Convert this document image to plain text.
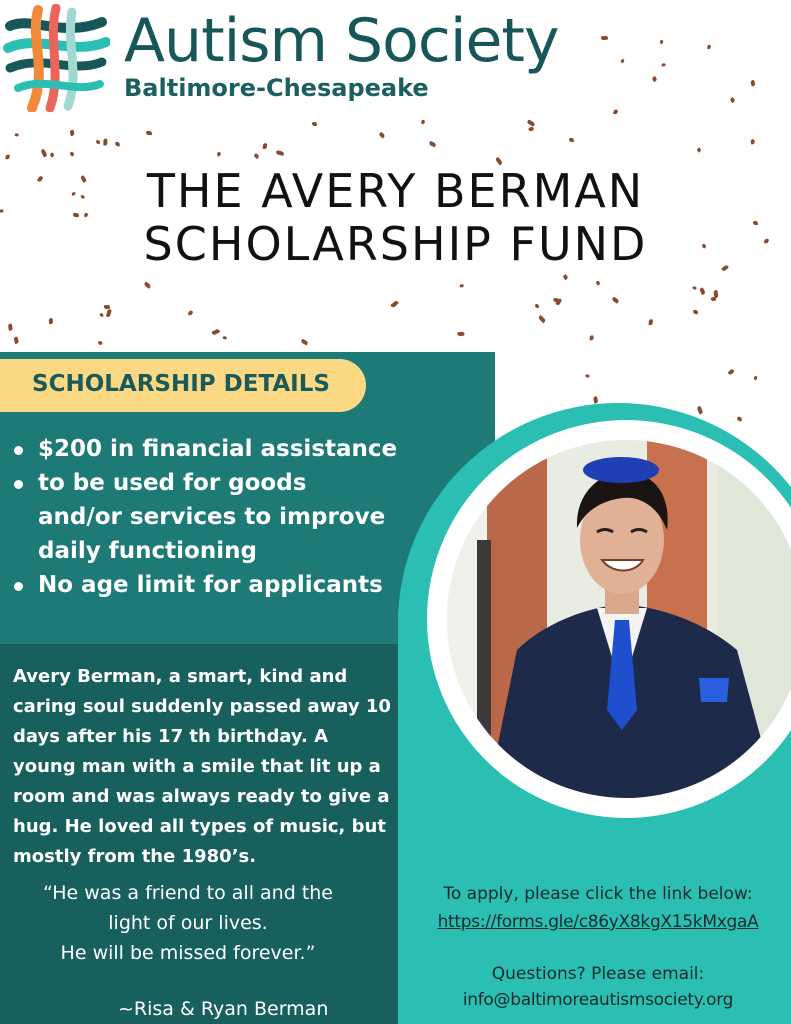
Autism Society
Baltimore-Chesapeake
THE AVERY BERMAN
SCHOLARSHIP FUND
SCHOLARSHIP DETAILS
$200 in financial assistance
to be used for goods and/or services to improve daily functioning
No age limit for applicants
Avery Berman, a smart, kind and caring soul suddenly passed away 10 days after his 17 th birthday. A young man with a smile that lit up a room and was always ready to give a hug. He loved all types of music, but mostly from the 1980’s.
“He was a friend to all and the
light of our lives.
He will be missed forever.”
~Risa & Ryan Berman
To apply, please click the link below:
https://forms.gle/c86yX8kgX15kMxgaA
Questions? Please email:
info@baltimoreautismsociety.org
